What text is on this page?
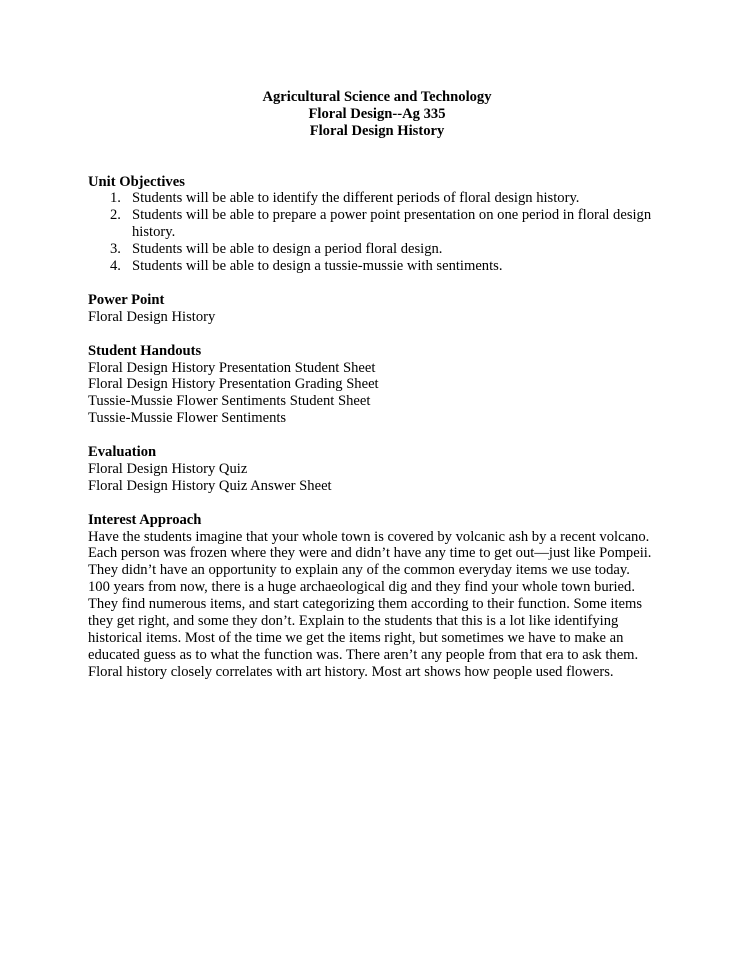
Agricultural Science and Technology
Floral Design--Ag 335
Floral Design History
Unit Objectives
1. Students will be able to identify the different periods of floral design history.
2. Students will be able to prepare a power point presentation on one period in floral design
history.
3. Students will be able to design a period floral design.
4. Students will be able to design a tussie-mussie with sentiments.
Power Point
Floral Design History
Student Handouts
Floral Design History Presentation Student Sheet
Floral Design History Presentation Grading Sheet
Tussie-Mussie Flower Sentiments Student Sheet
Tussie-Mussie Flower Sentiments
Evaluation
Floral Design History Quiz
Floral Design History Quiz Answer Sheet
Interest Approach
Have the students imagine that your whole town is covered by volcanic ash by a recent volcano.
Each person was frozen where they were and didn’t have any time to get out—just like Pompeii.
They didn’t have an opportunity to explain any of the common everyday items we use today.
100 years from now, there is a huge archaeological dig and they find your whole town buried.
They find numerous items, and start categorizing them according to their function. Some items
they get right, and some they don’t. Explain to the students that this is a lot like identifying
historical items. Most of the time we get the items right, but sometimes we have to make an
educated guess as to what the function was. There aren’t any people from that era to ask them.
Floral history closely correlates with art history. Most art shows how people used flowers.
